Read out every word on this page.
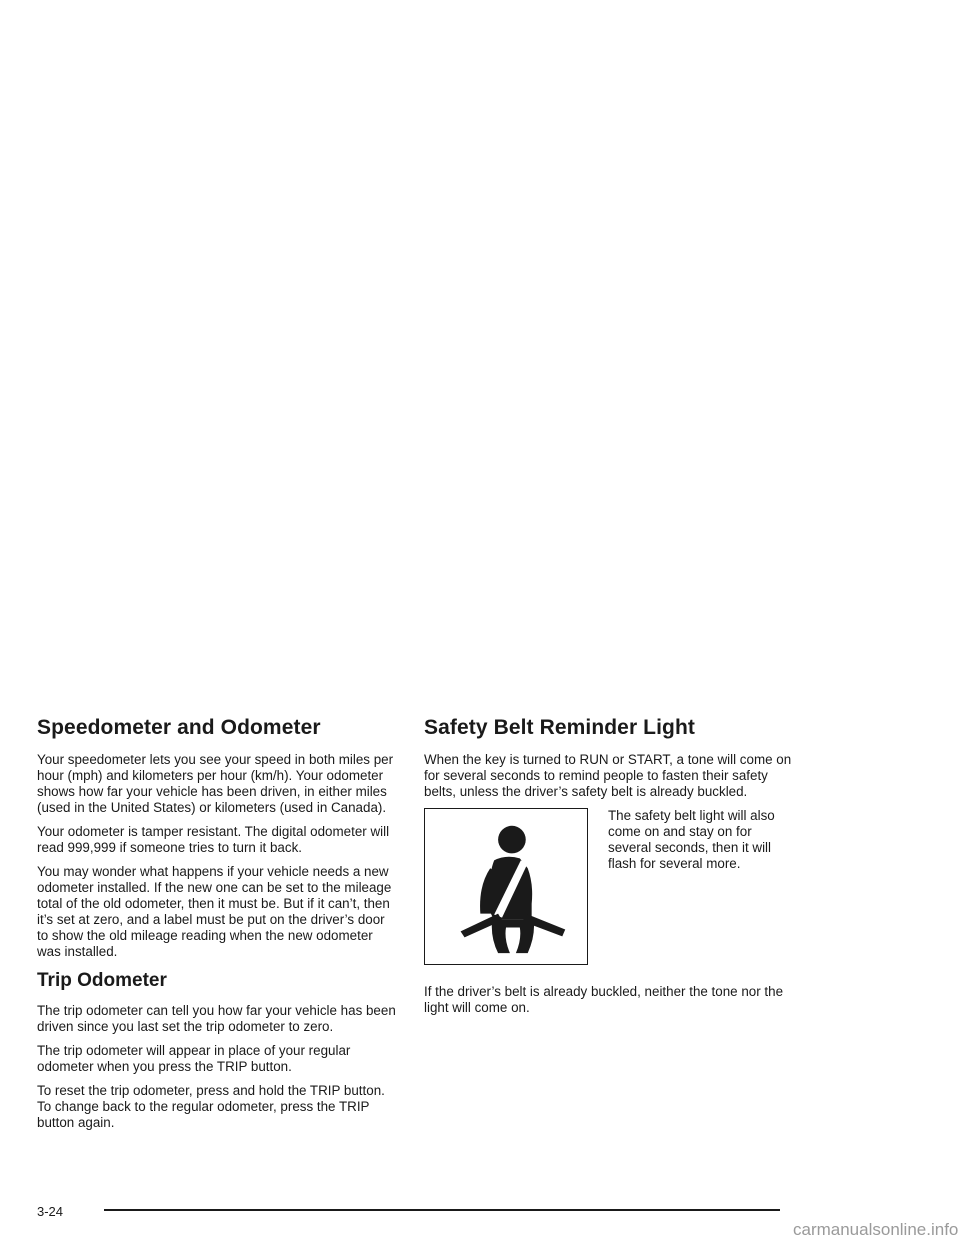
Speedometer and Odometer

Your speedometer lets you see your speed in both miles per hour (mph) and kilometers per hour (km/h). Your odometer shows how far your vehicle has been driven, in either miles (used in the United States) or kilometers (used in Canada).

Your odometer is tamper resistant. The digital odometer will read 999,999 if someone tries to turn it back.

You may wonder what happens if your vehicle needs a new odometer installed. If the new one can be set to the mileage total of the old odometer, then it must be. But if it can’t, then it’s set at zero, and a label must be put on the driver’s door to show the old mileage reading when the new odometer was installed.

Trip Odometer

The trip odometer can tell you how far your vehicle has been driven since you last set the trip odometer to zero.

The trip odometer will appear in place of your regular odometer when you press the TRIP button.

To reset the trip odometer, press and hold the TRIP button. To change back to the regular odometer, press the TRIP button again.

Safety Belt Reminder Light

When the key is turned to RUN or START, a tone will come on for several seconds to remind people to fasten their safety belts, unless the driver’s safety belt is already buckled.

The safety belt light will also come on and stay on for several seconds, then it will flash for several more.

If the driver’s belt is already buckled, neither the tone nor the light will come on.

3-24
carmanualsonline.info
